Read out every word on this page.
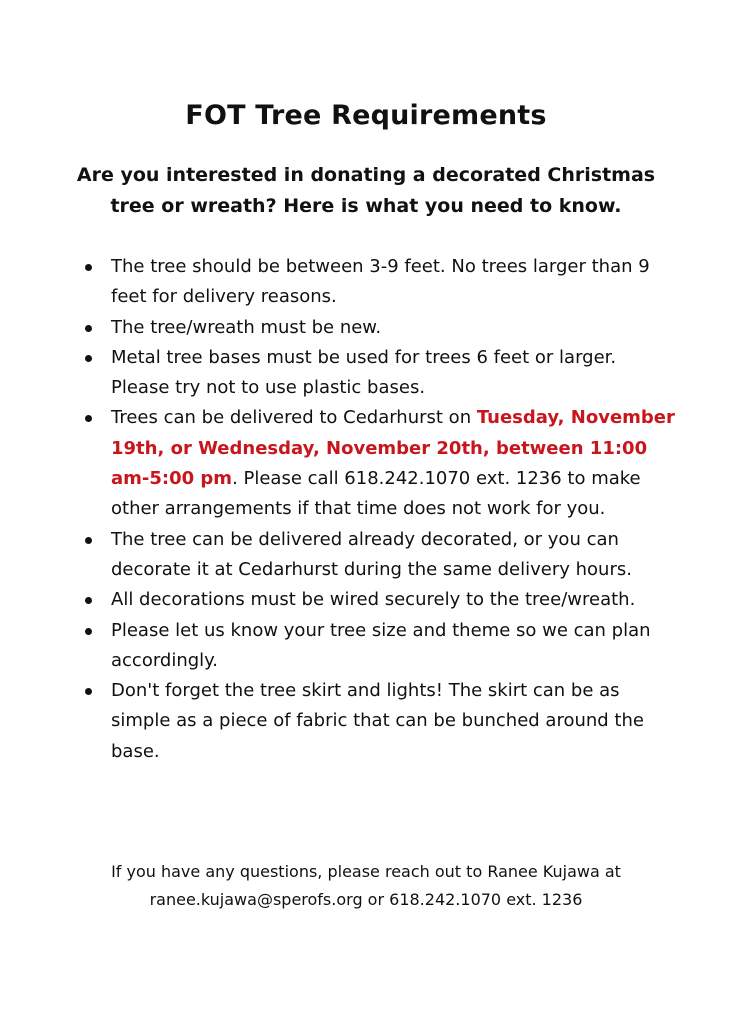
FOT Tree Requirements
Are you interested in donating a decorated Christmas tree or wreath? Here is what you need to know.
The tree should be between 3-9 feet. No trees larger than 9 feet for delivery reasons.
The tree/wreath must be new.
Metal tree bases must be used for trees 6 feet or larger. Please try not to use plastic bases.
Trees can be delivered to Cedarhurst on Tuesday, November 19th, or Wednesday, November 20th, between 11:00 am-5:00 pm. Please call 618.242.1070 ext. 1236 to make other arrangements if that time does not work for you.
The tree can be delivered already decorated, or you can decorate it at Cedarhurst during the same delivery hours.
All decorations must be wired securely to the tree/wreath.
Please let us know your tree size and theme so we can plan accordingly.
Don't forget the tree skirt and lights! The skirt can be as simple as a piece of fabric that can be bunched around the base.
If you have any questions, please reach out to Ranee Kujawa at
ranee.kujawa@sperofs.org or 618.242.1070 ext. 1236
